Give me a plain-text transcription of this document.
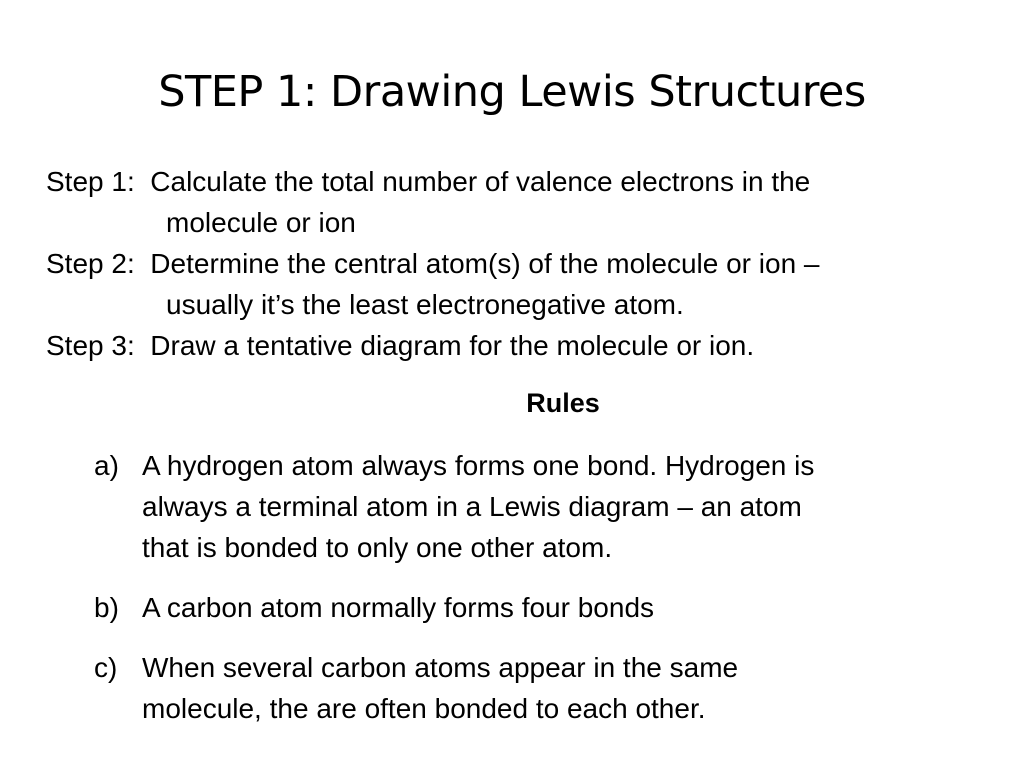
STEP 1: Drawing Lewis Structures
Step 1: Calculate the total number of valence electrons in the
molecule or ion
Step 2: Determine the central atom(s) of the molecule or ion –
usually it’s the least electronegative atom.
Step 3: Draw a tentative diagram for the molecule or ion.
Rules
a) A hydrogen atom always forms one bond. Hydrogen is
always a terminal atom in a Lewis diagram – an atom
that is bonded to only one other atom.
b) A carbon atom normally forms four bonds
c) When several carbon atoms appear in the same
molecule, the are often bonded to each other.
